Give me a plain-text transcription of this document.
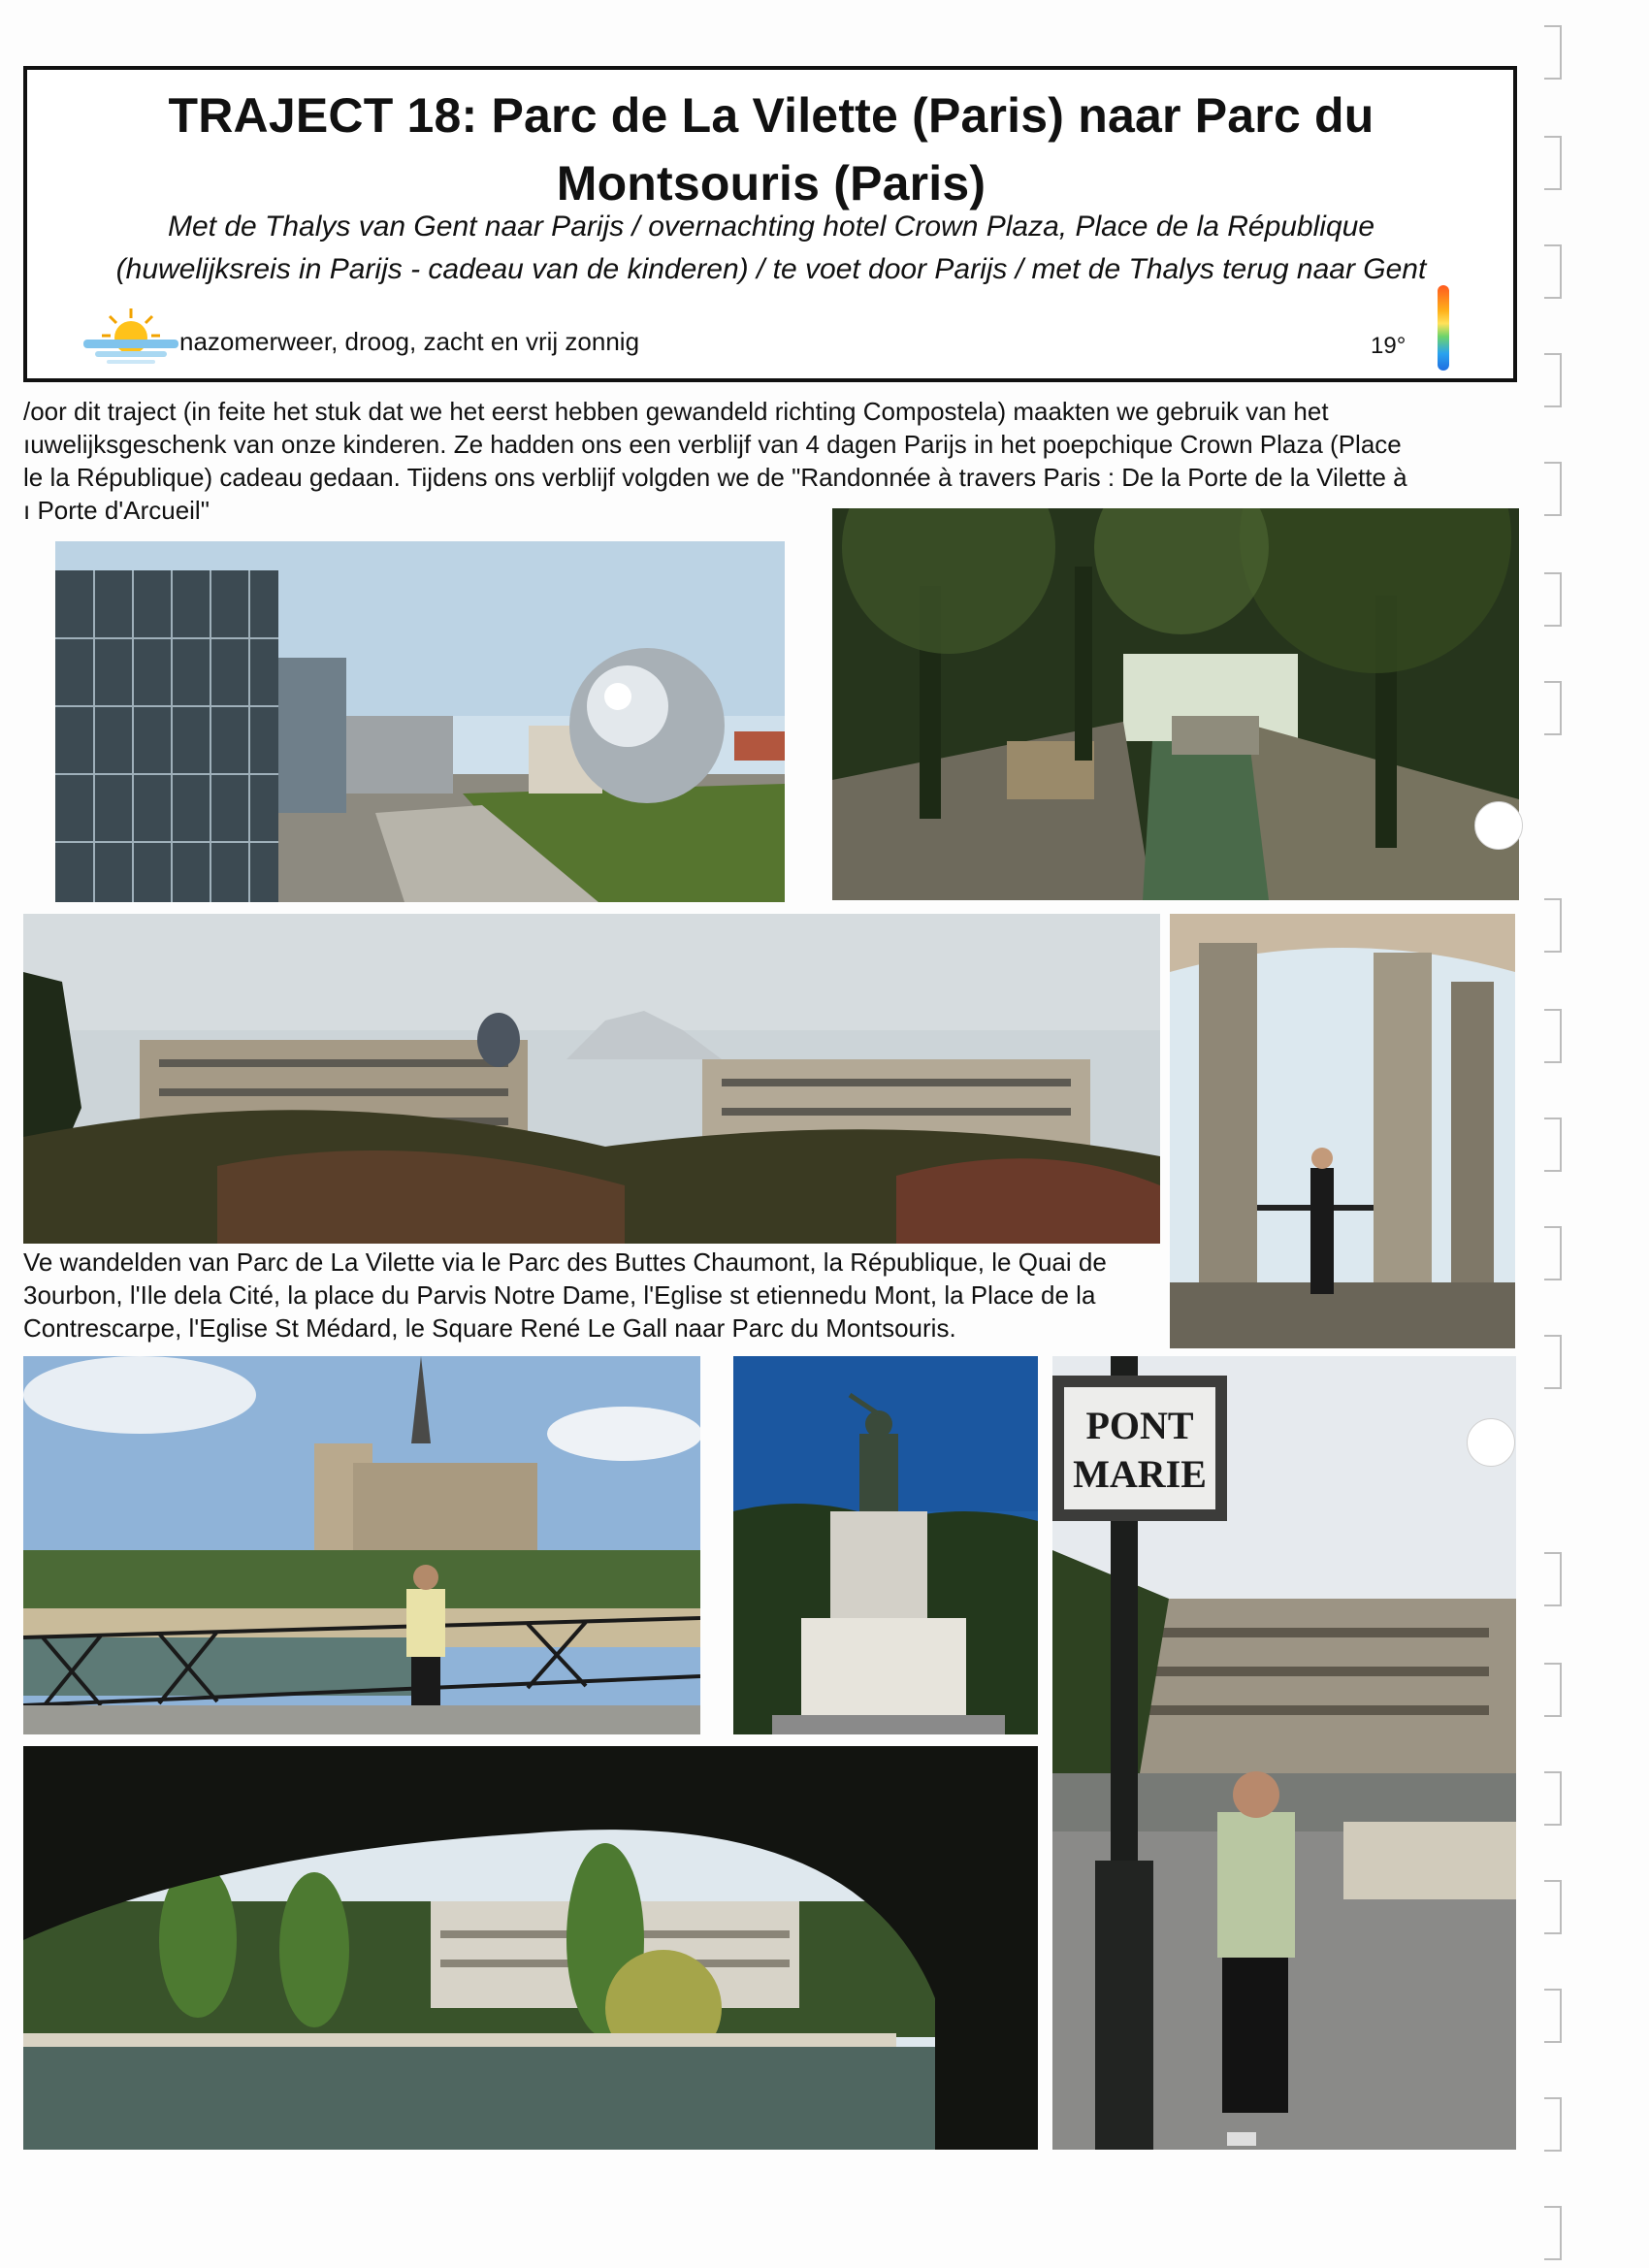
TRAJECT 18: Parc de La Vilette (Paris) naar Parc du
Montsouris (Paris)
Met de Thalys van Gent naar Parijs / overnachting hotel Crown Plaza, Place de la République
(huwelijksreis in Parijs - cadeau van de kinderen) / te voet door Parijs / met de Thalys terug naar Gent
nazomerweer, droog, zacht en vrij zonnig	19°
/oor dit traject (in feite het stuk dat we het eerst hebben gewandeld richting Compostela) maakten we gebruik van het
ıuwelijksgeschenk van onze kinderen. Ze hadden ons een verblijf van 4 dagen Parijs in het poepchique Crown Plaza (Place
le la République) cadeau gedaan. Tijdens ons verblijf volgden we de "Randonnée à travers Paris : De la Porte de la Vilette à
ı Porte d'Arcueil"
Ve wandelden van Parc de La Vilette via le Parc des Buttes Chaumont, la République, le Quai de
3ourbon, l'Ile dela Cité, la place du Parvis Notre Dame, l'Eglise st etiennedu Mont, la Place de la
Contrescarpe, l'Eglise St Médard, le Square René Le Gall naar Parc du Montsouris.
PONT
MARIE
